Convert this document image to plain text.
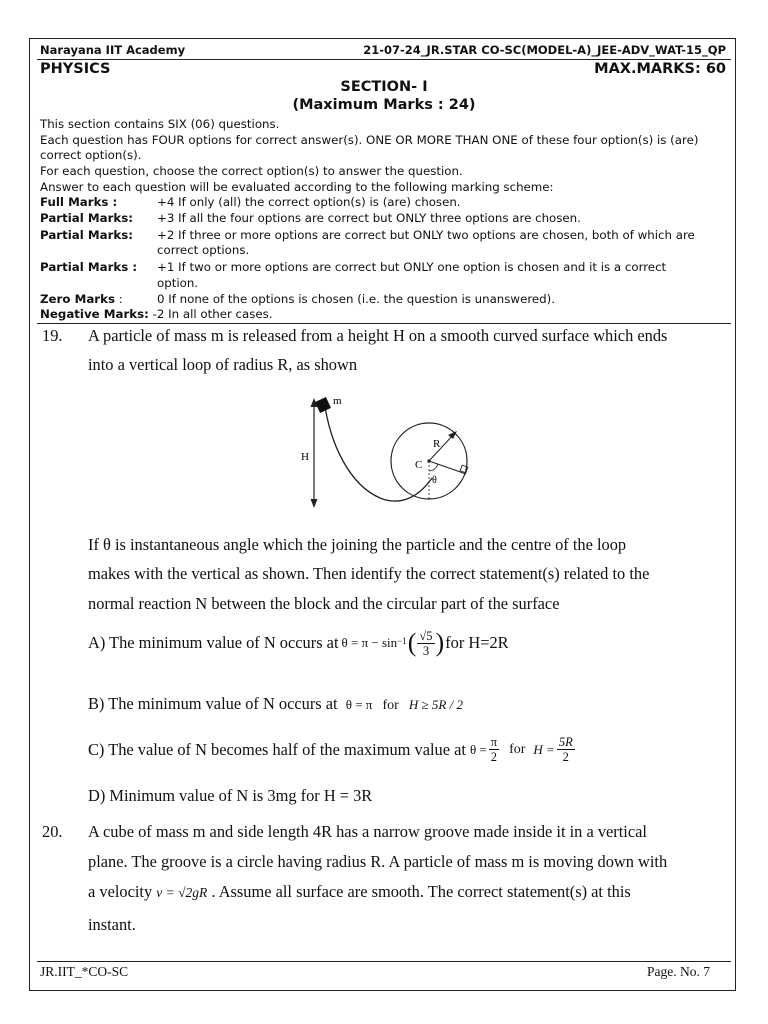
Narayana IIT Academy	21-07-24_JR.STAR CO-SC(MODEL-A)_JEE-ADV_WAT-15_QP
PHYSICS	MAX.MARKS: 60
SECTION- I
(Maximum Marks : 24)
This section contains SIX (06) questions.
Each question has FOUR options for correct answer(s). ONE OR MORE THAN ONE of these four option(s) is (are)
correct option(s).
For each question, choose the correct option(s) to answer the question.
Answer to each question will be evaluated according to the following marking scheme:
Full Marks :	+4 If only (all) the correct option(s) is (are) chosen.
Partial Marks: +3 If all the four options are correct but ONLY three options are chosen.
Partial Marks: +2 If three or more options are correct but ONLY two options are chosen, both of which are
correct options.
Partial Marks : +1 If two or more options are correct but ONLY one option is chosen and it is a correct
option.
Zero Marks :	0 If none of the options is chosen (i.e. the question is unanswered).
Negative Marks: -2 In all other cases.
19. A particle of mass m is released from a height H on a smooth curved surface which ends
into a vertical loop of radius R, as shown
m
H
R
C
θ
If θ is instantaneous angle which the joining the particle and the centre of the loop
makes with the vertical as shown. Then identify the correct statement(s) related to the
normal reaction N between the block and the circular part of the surface
A) The minimum value of N occurs at θ = π − sin −1 ( $\frac{√5}{3}$ ) for H=2R
B) The minimum value of N occurs at θ = π for H ≥ 5R / 2
C) The value of N becomes half of the maximum value at $\theta = \frac{\pi}{2}$ for $H = \frac{5R}{2}$
D) Minimum value of N is 3mg for H = 3R
20. A cube of mass m and side length 4R has a narrow groove made inside it in a vertical
plane. The groove is a circle having radius R. A particle of mass m is moving down with
a velocity v = √2gR . Assume all surface are smooth. The correct statement(s) at this
instant.
JR.IIT_*CO-SC	Page. No. 7
